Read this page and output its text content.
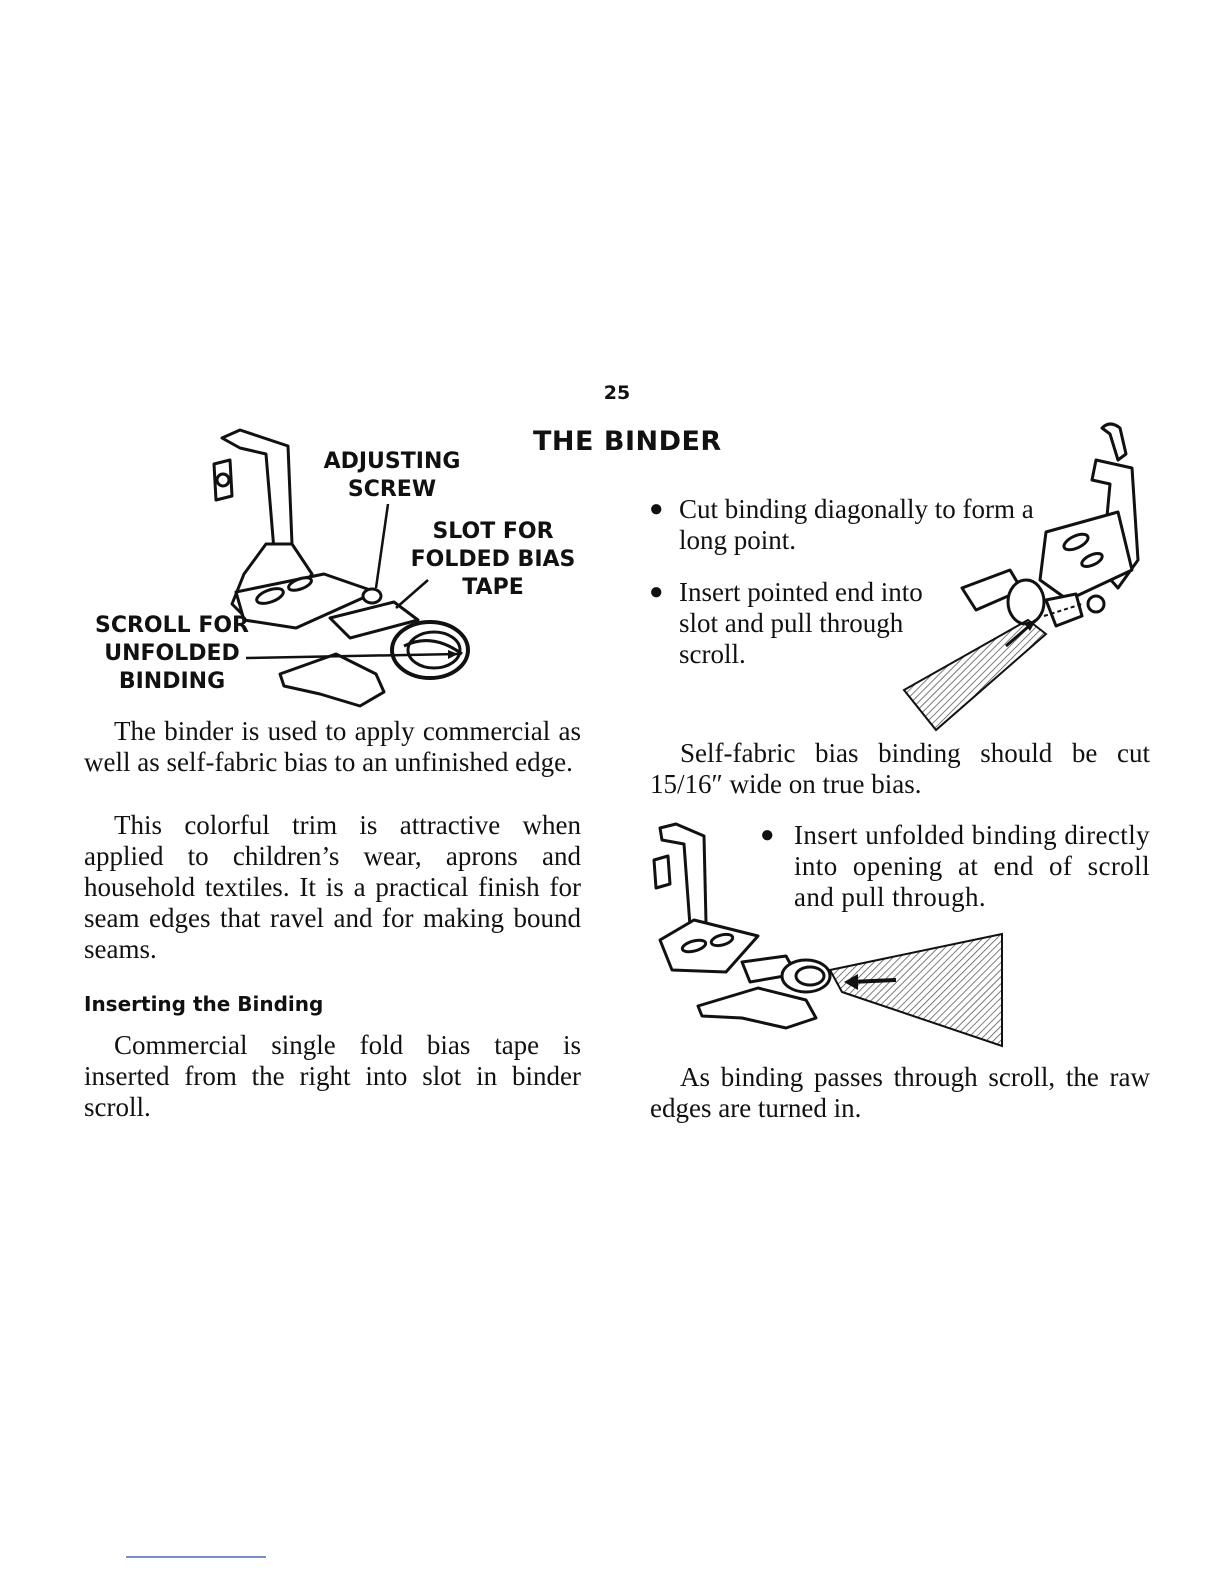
25
THE BINDER
ADJUSTING
SCREW
SLOT FOR
FOLDED BIAS
TAPE
SCROLL FOR
UNFOLDED
BINDING
The binder is used to apply commercial as well as self-fabric bias to an unfinished edge.
This colorful trim is attractive when applied to children’s wear, aprons and household textiles. It is a practical finish for seam edges that ravel and for making bound seams.
Inserting the Binding
Commercial single fold bias tape is inserted from the right into slot in binder scroll.
● Cut binding diagonally to form a long point.
● Insert pointed end into slot and pull through scroll.
Self-fabric bias binding should be cut 15/16″ wide on true bias.
● Insert unfolded binding directly into opening at end of scroll and pull through.
As binding passes through scroll, the raw edges are turned in.
